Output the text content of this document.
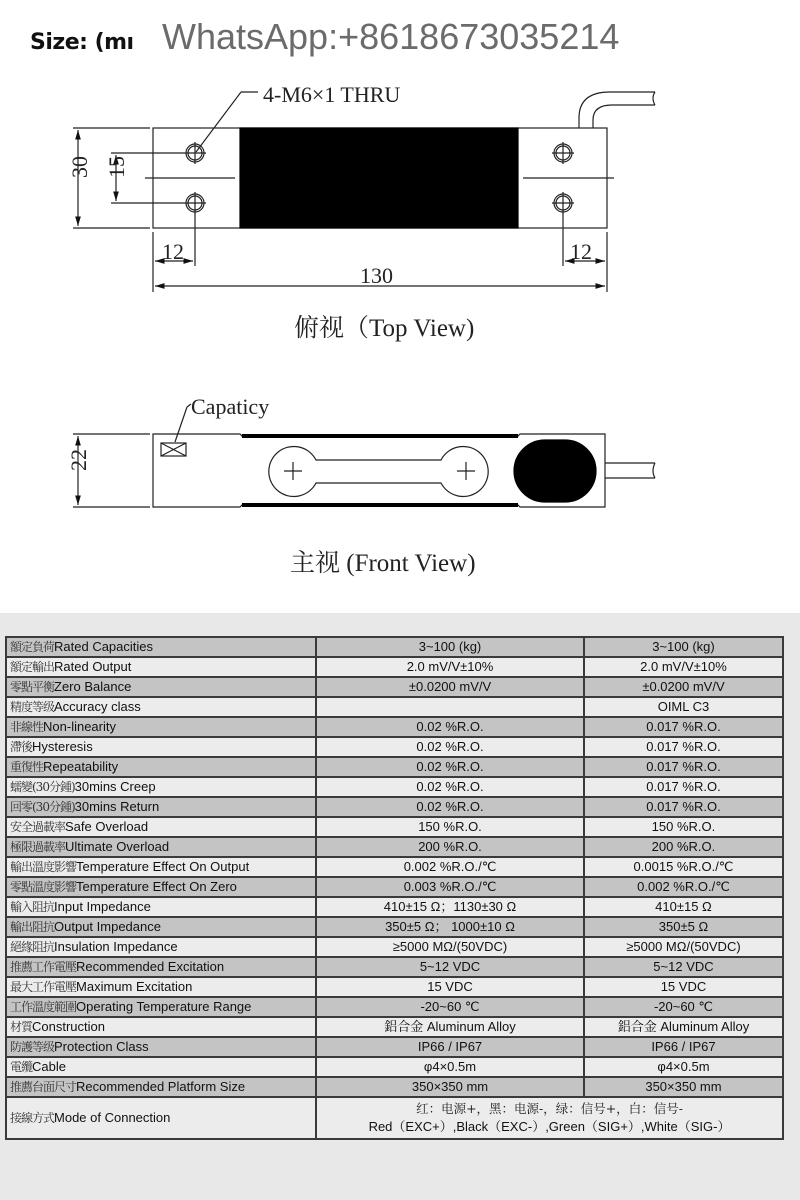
Size: (mı WhatsApp:+8618673035214
4-M6×1 THRU
30 15
12	12
130
Capaticy
22
俯视（Top View)
主视 (Front View)
額定負荷Rated Capacities	3~100 (kg)	3~100 (kg)
額定輸出Rated Output	2.0 mV/V±10%	2.0 mV/V±10%
零點平衡Zero Balance	±0.0200 mV/V	±0.0200 mV/V
精度等级Accuracy class		OIML C3
非線性Non-linearity	0.02 %R.O.	0.017 %R.O.
滯後Hysteresis	0.02 %R.O.	0.017 %R.O.
重復性Repeatability	0.02 %R.O.	0.017 %R.O.
蠕變(30分鍾)30mins Creep	0.02 %R.O.	0.017 %R.O.
回零(30分鍾)30mins Return	0.02 %R.O.	0.017 %R.O.
安全過載率Safe Overload	150 %R.O.	150 %R.O.
極限過載率Ultimate Overload	200 %R.O.	200 %R.O.
輸出溫度影響Temperature Effect On Output	0.002 %R.O./℃	0.0015 %R.O./℃
零點溫度影響Temperature Effect On Zero	0.003 %R.O./℃	0.002 %R.O./℃
輸入阻抗Input Impedance	410±15 Ω；1130±30 Ω	410±15 Ω
輸出阻抗Output Impedance	350±5 Ω； 1000±10 Ω	350±5 Ω
絕緣阻抗Insulation Impedance	≥5000 MΩ/(50VDC)	≥5000 MΩ/(50VDC)
推薦工作電壓Recommended Excitation	5~12 VDC	5~12 VDC
最大工作電壓Maximum Excitation	15 VDC	15 VDC
工作溫度範圍Operating Temperature Range	-20~60 ℃	-20~60 ℃
材質Construction	鋁合金 Aluminum Alloy	鋁合金 Aluminum Alloy
防護等级Protection Class	IP66 / IP67	IP66 / IP67
電纜Cable	φ4×0.5m	φ4×0.5m
推薦台面尺寸Recommended Platform Size	350×350 mm	350×350 mm
接線方式Mode of Connection	红：电源+，黑：电源-，绿：信号+，白：信号-
Red（EXC+）,Black（EXC-）,Green（SIG+）,White（SIG-）	
